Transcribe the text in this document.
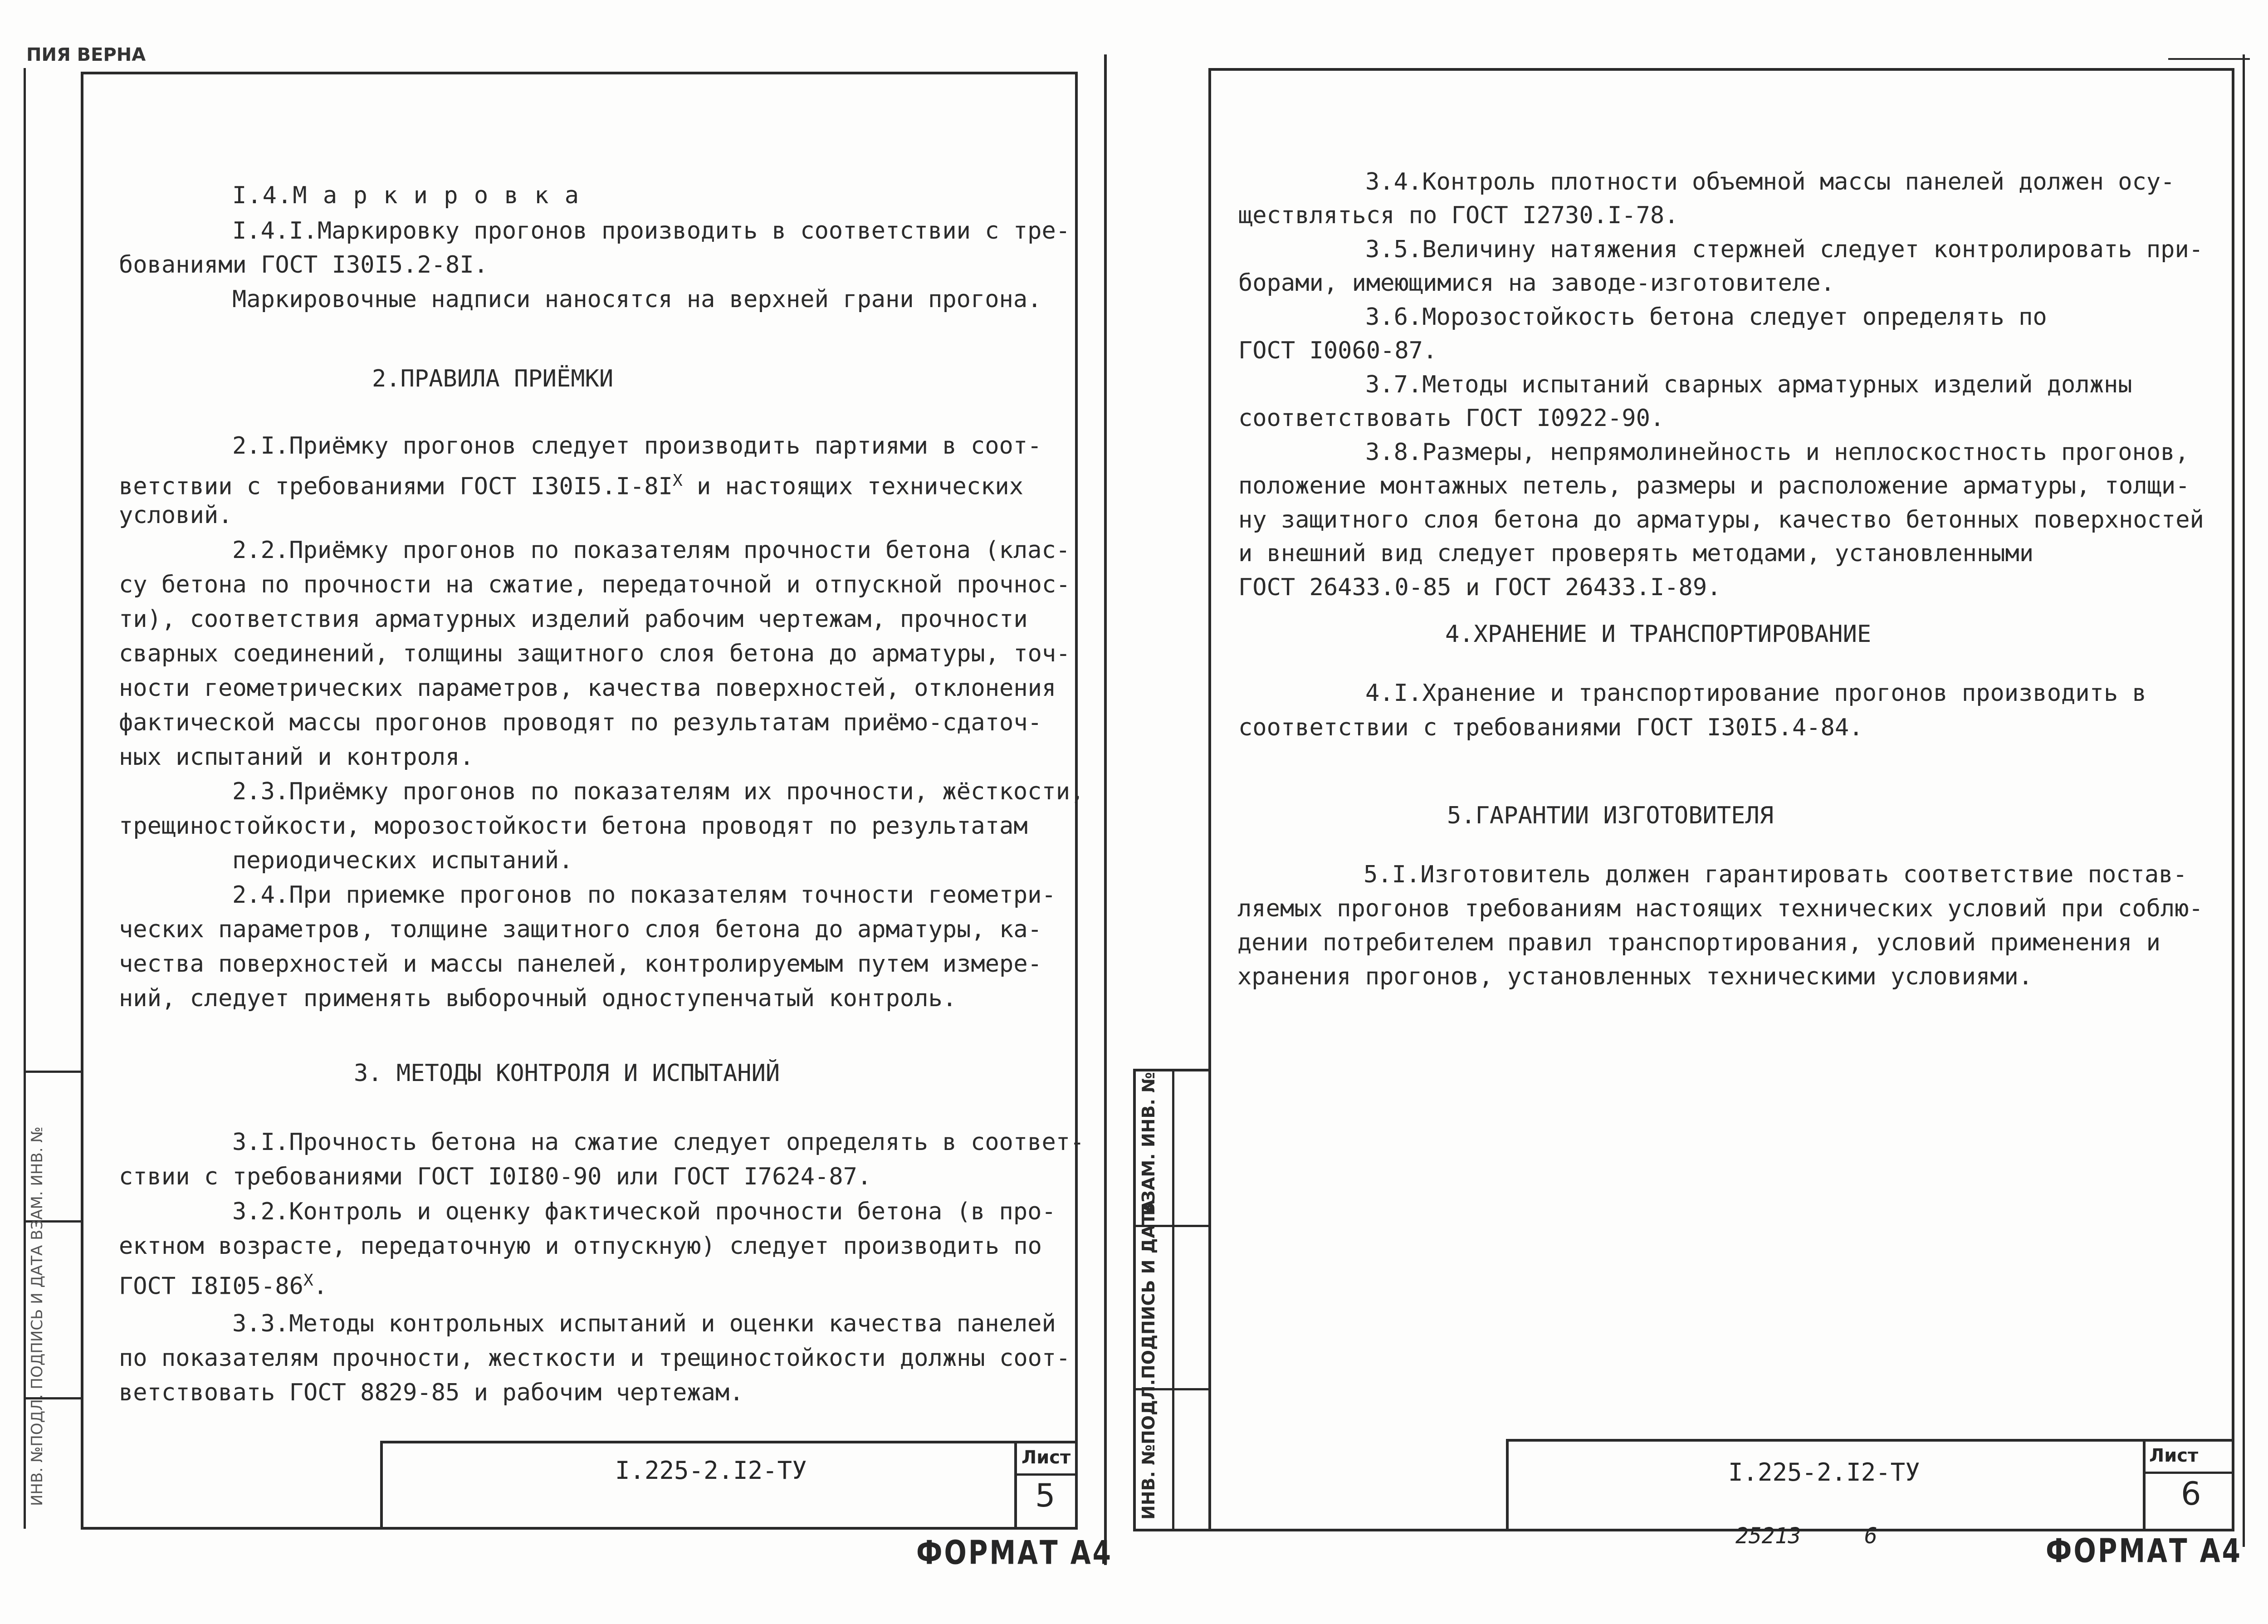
ПИЯ ВЕРНА
ИНВ. №ПОДЛ. ПОДПИСЬ И ДАТА ВЗАМ. ИНВ. №
I.4.М а р к и р о в к а
I.4.I.Маркировку прогонов производить в соответствии с тре-
бованиями ГОСТ I30I5.2-8I.
Маркировочные надписи наносятся на верхней грани прогона.
2.ПРАВИЛА ПРИЁМКИ
2.I.Приёмку прогонов следует производить партиями в соот-
ветствии с требованиями ГОСТ $I30I5.I-8I^Х$ и настоящих технических
условий.
2.2.Приёмку прогонов по показателям прочности бетона (клас-
су бетона по прочности на сжатие, передаточной и отпускной прочнос-
ти), соответствия арматурных изделий рабочим чертежам, прочности
сварных соединений, толщины защитного слоя бетона до арматуры, точ-
ности геометрических параметров, качества поверхностей, отклонения
фактической массы прогонов проводят по результатам приёмо-сдаточ-
ных испытаний и контроля.
2.3.Приёмку прогонов по показателям их прочности, жёсткости,
трещиностойкости, морозостойкости бетона проводят по результатам
периодических испытаний.
2.4.При приемке прогонов по показателям точности геометри-
ческих параметров, толщине защитного слоя бетона до арматуры, ка-
чества поверхностей и массы панелей, контролируемым путем измере-
ний, следует применять выборочный одноступенчатый контроль.
3. МЕТОДЫ КОНТРОЛЯ И ИСПЫТАНИЙ
3.I.Прочность бетона на сжатие следует определять в соответ-
ствии с требованиями ГОСТ I0I80-90 или ГОСТ I7624-87.
3.2.Контроль и оценку фактической прочности бетона (в про-
ектном возрасте, передаточную и отпускную) следует производить по
ГОСТ $I8I05-86^Х$.
3.3.Методы контрольных испытаний и оценки качества панелей
по показателям прочности, жесткости и трещиностойкости должны соот-
ветствовать ГОСТ 8829-85 и рабочим чертежам.
I.225-2.I2-ТУ	Лист
5
ФОРМАТ А4
ИНВ. №ПОДЛ.
ПОДПИСЬ И ДАТА
ВЗАМ. ИНВ. №
3.4.Контроль плотности объемной массы панелей должен осу-
ществляться по ГОСТ I2730.I-78.
3.5.Величину натяжения стержней следует контролировать при-
борами, имеющимися на заводе-изготовителе.
3.6.Морозостойкость бетона следует определять по
ГОСТ I0060-87.
3.7.Методы испытаний сварных арматурных изделий должны
соответствовать ГОСТ I0922-90.
3.8.Размеры, непрямолинейность и неплоскостность прогонов,
положение монтажных петель, размеры и расположение арматуры, толщи-
ну защитного слоя бетона до арматуры, качество бетонных поверхностей
и внешний вид следует проверять методами, установленными
ГОСТ 26433.0-85 и ГОСТ 26433.I-89.
4.ХРАНЕНИЕ И ТРАНСПОРТИРОВАНИЕ
4.I.Хранение и транспортирование прогонов производить в
соответствии с требованиями ГОСТ I30I5.4-84.
5.ГАРАНТИИ ИЗГОТОВИТЕЛЯ
5.I.Изготовитель должен гарантировать соответствие постав-
ляемых прогонов требованиям настоящих технических условий при соблю-
дении потребителем правил транспортирования, условий применения и
хранения прогонов, установленных техническими условиями.
I.225-2.I2-ТУ
Лист
6
25213	6	ФОРМАТ А4
